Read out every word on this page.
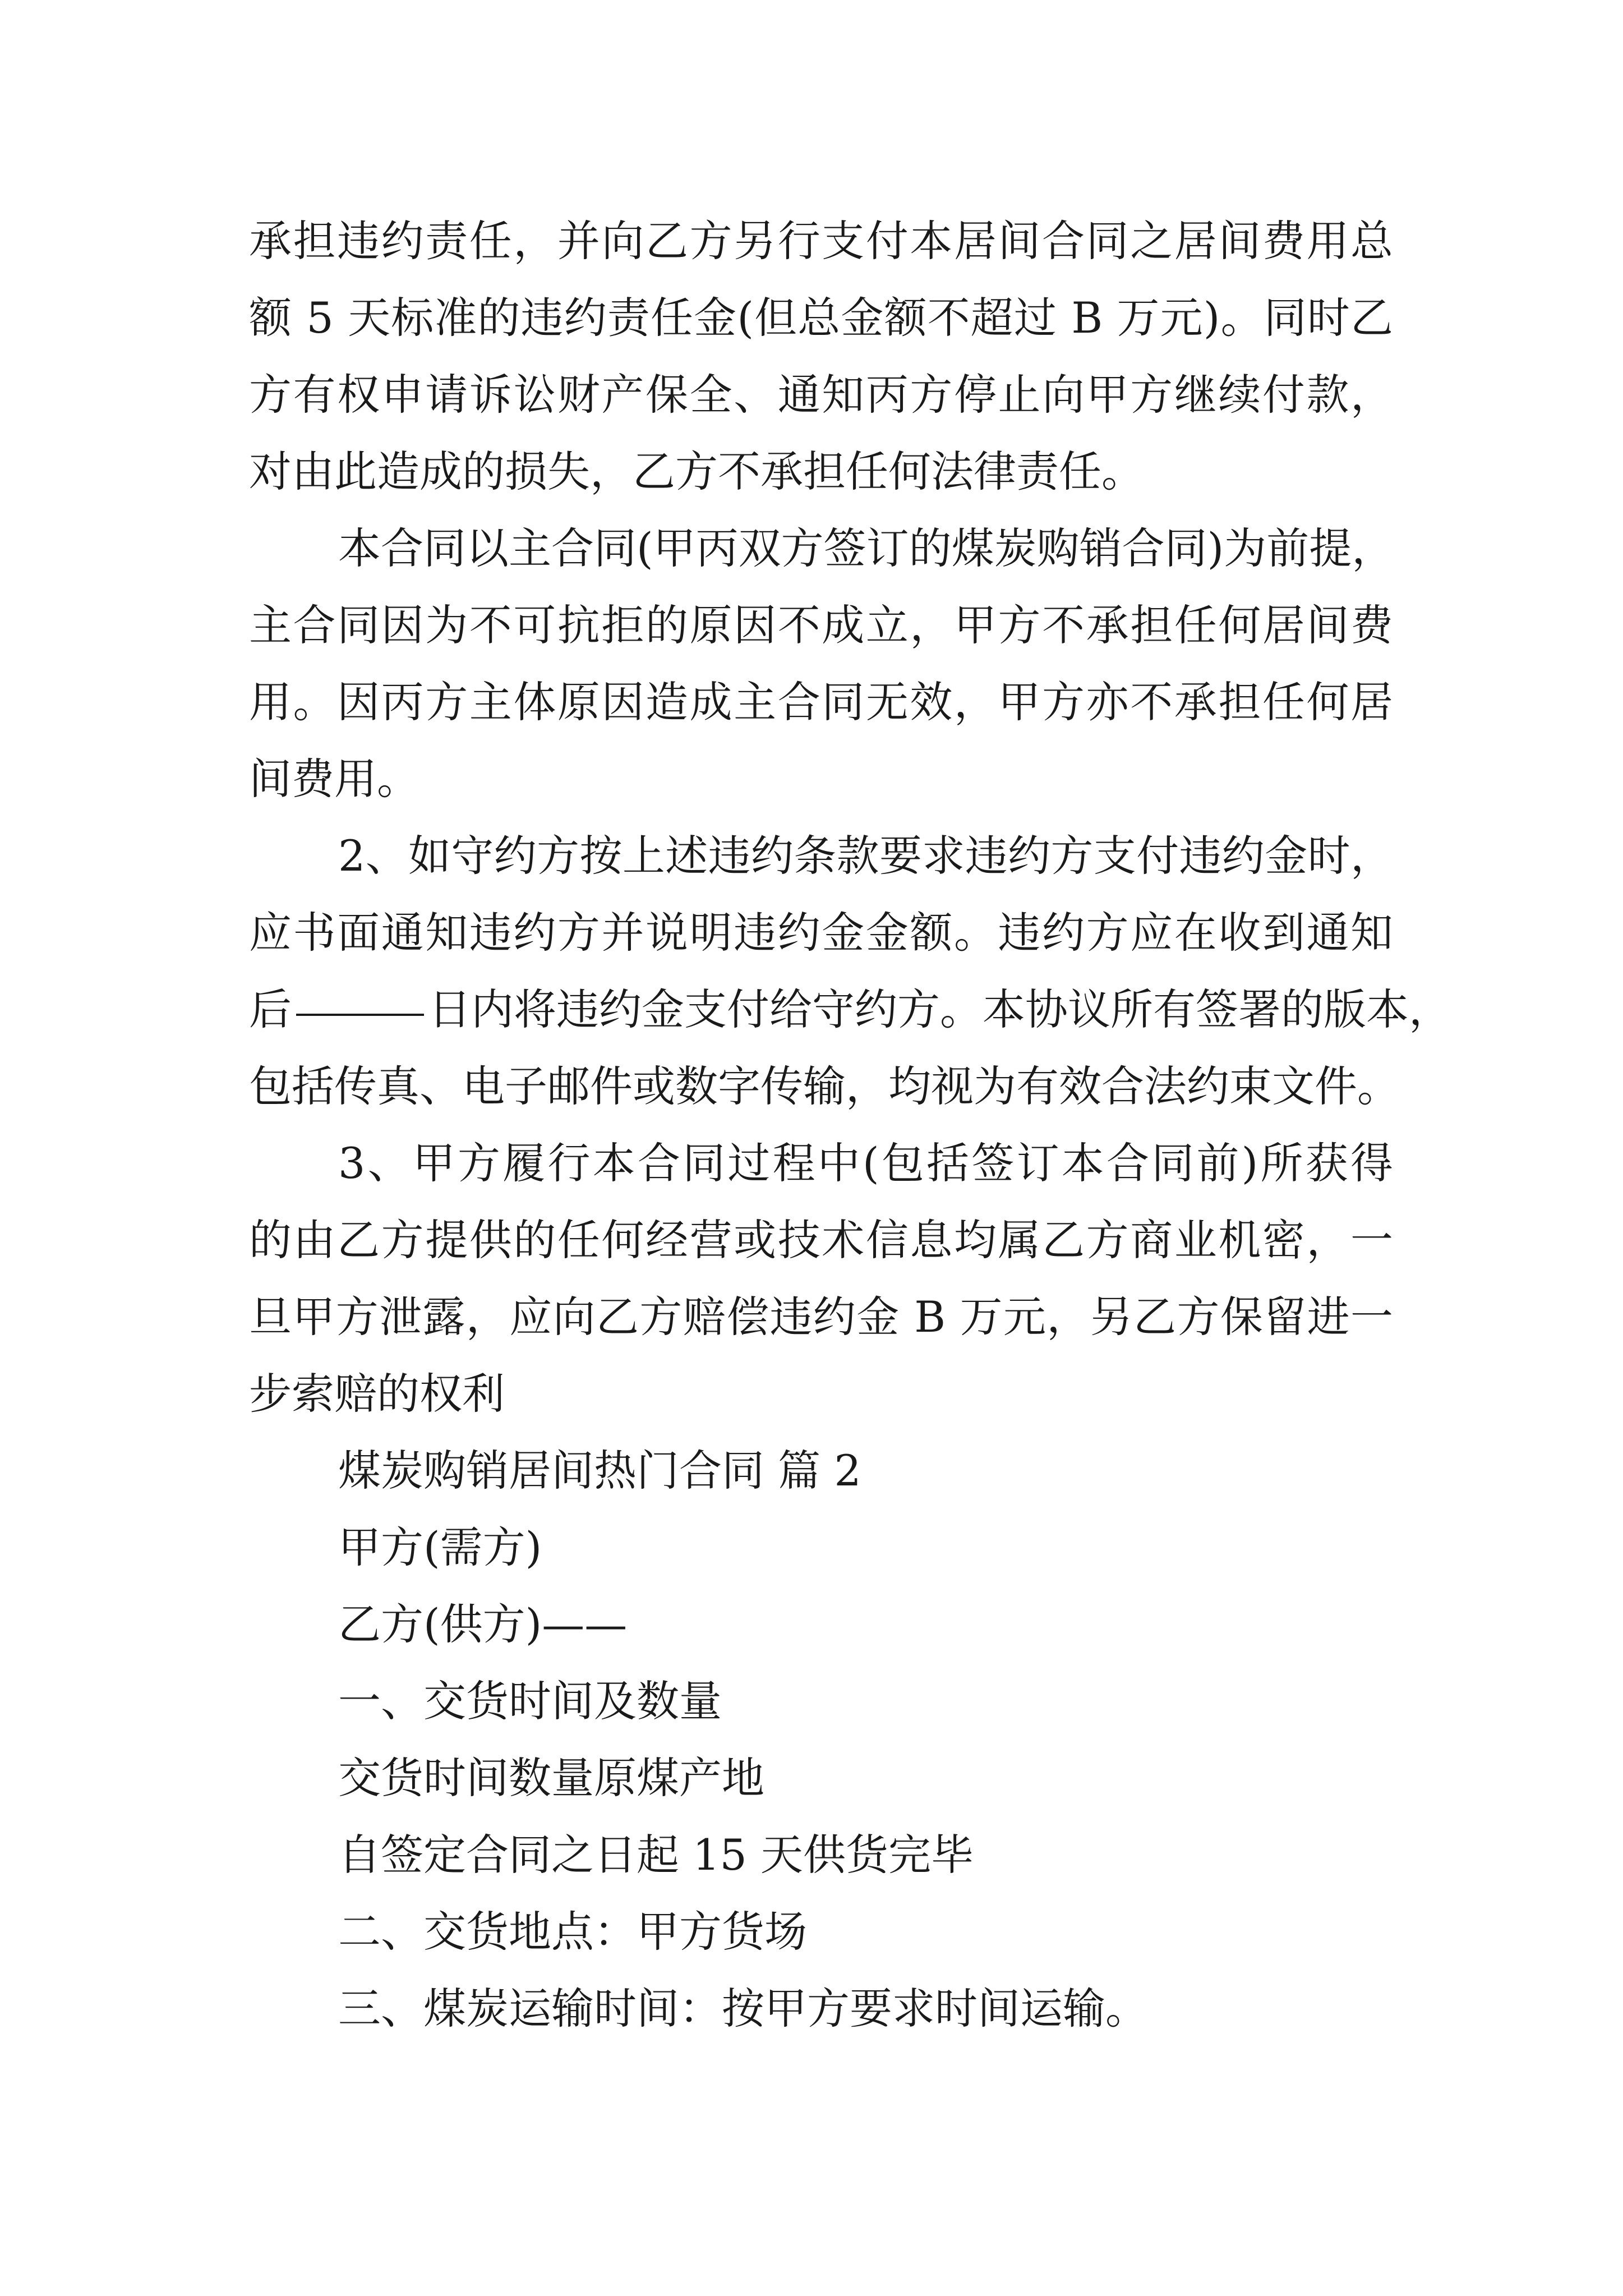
承担违约责任，并向乙方另行支付本居间合同之居间费用总
额 5 天标准的违约责任金(但总金额不超过 B 万元)。同时乙
方有权申请诉讼财产保全、通知丙方停止向甲方继续付款，
对由此造成的损失，乙方不承担任何法律责任。
本合同以主合同(甲丙双方签订的煤炭购销合同)为前提，
主合同因为不可抗拒的原因不成立，甲方不承担任何居间费
用。因丙方主体原因造成主合同无效，甲方亦不承担任何居
间费用。
2、如守约方按上述违约条款要求违约方支付违约金时，
应书面通知违约方并说明违约金金额。违约方应在收到通知
后	日内将违约金支付给守约方。本协议所有签署的版本，
包括传真、电子邮件或数字传输，均视为有效合法约束文件。
3、甲方履行本合同过程中(包括签订本合同前)所获得
的由乙方提供的任何经营或技术信息均属乙方商业机密，一
旦甲方泄露，应向乙方赔偿违约金 B 万元，另乙方保留进一
步索赔的权利
煤炭购销居间热门合同 篇 2
甲方(需方)
乙方(供方)——
一、交货时间及数量
交货时间数量原煤产地
自签定合同之日起 15 天供货完毕
二、交货地点：甲方货场
三、煤炭运输时间：按甲方要求时间运输。
